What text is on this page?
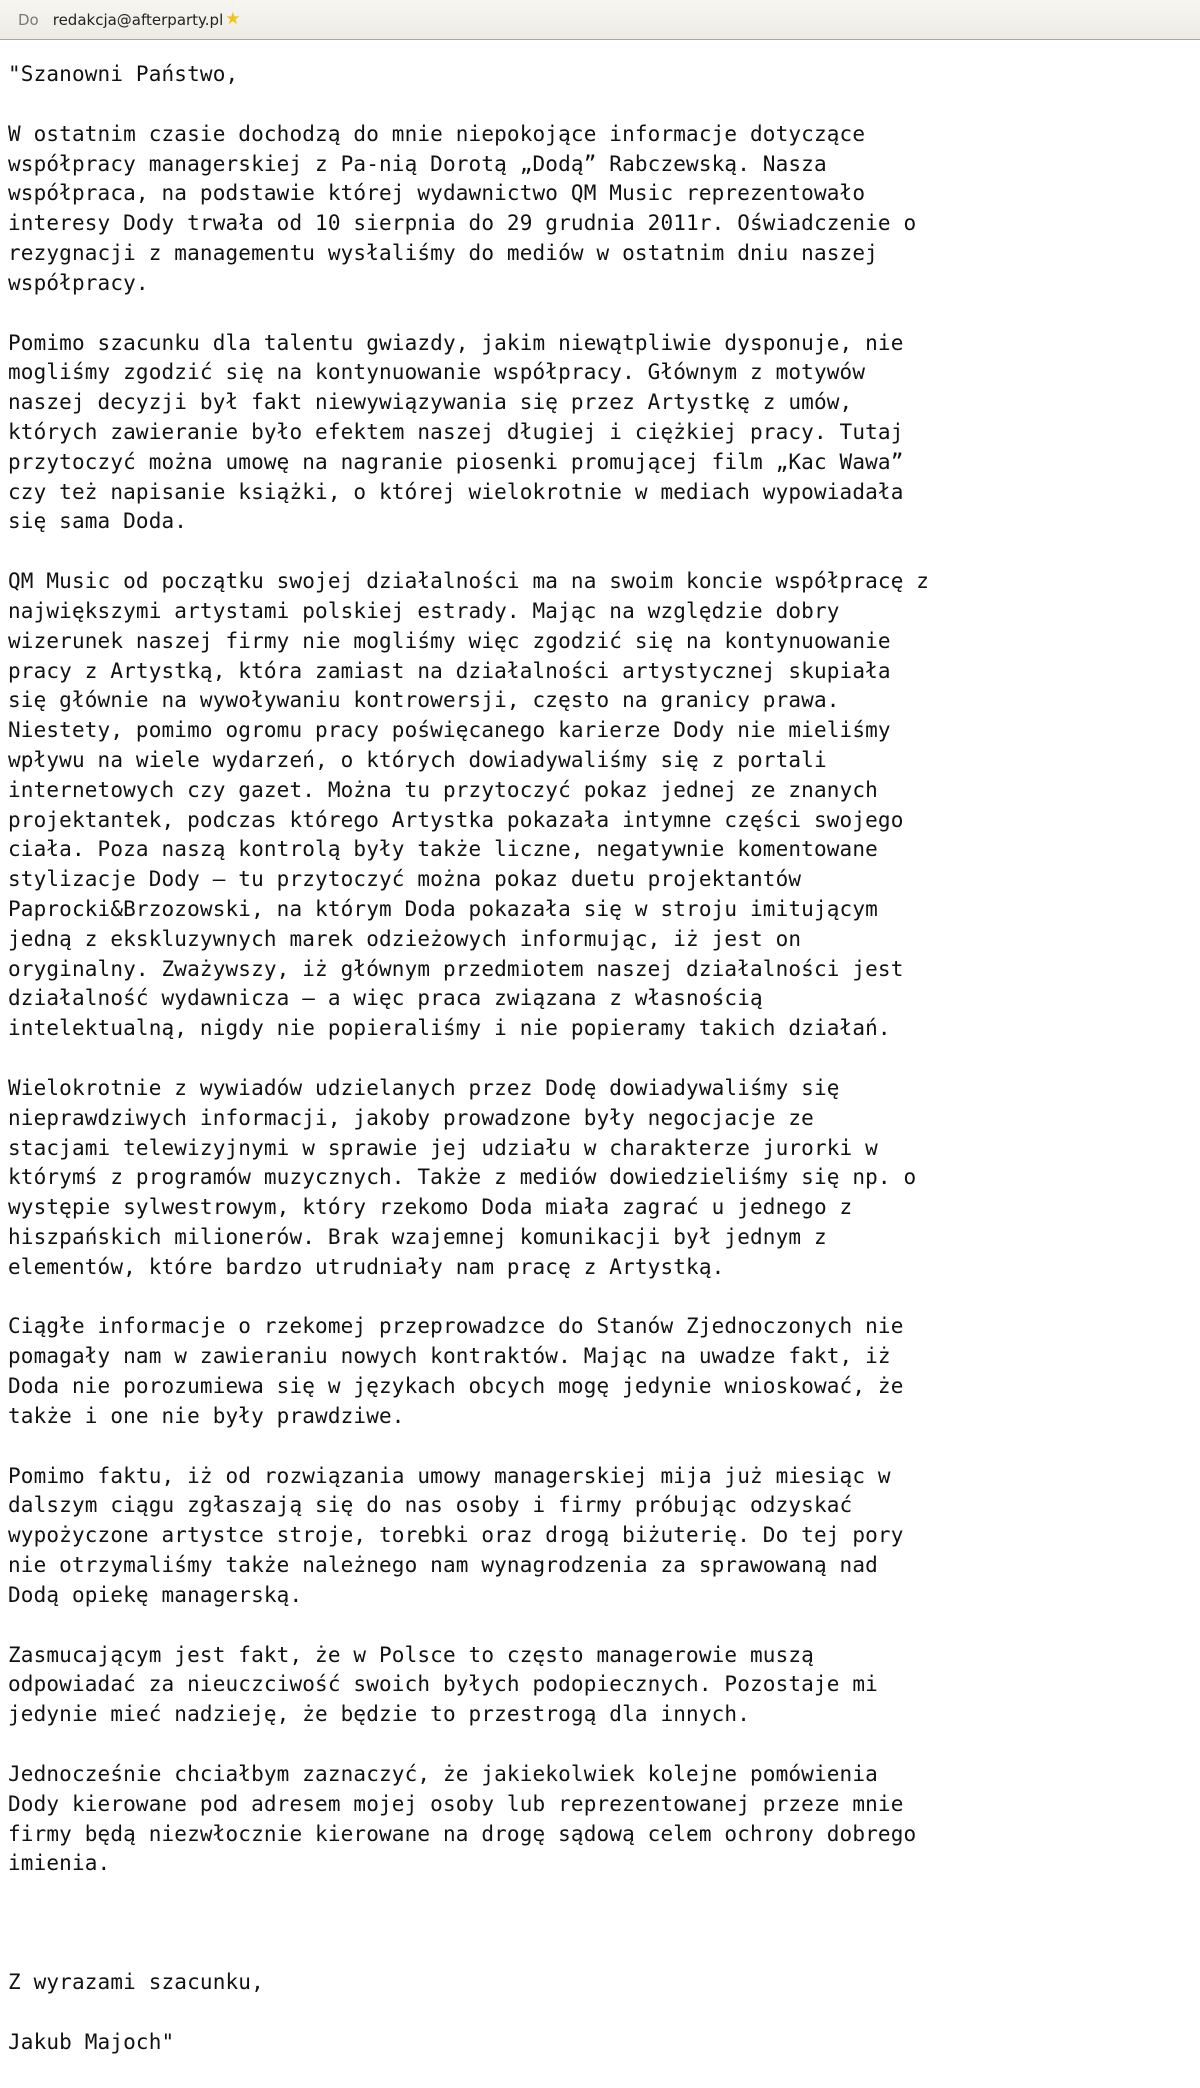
Do redakcja@afterparty.pl ★
"Szanowni Państwo,
W ostatnim czasie dochodzą do mnie niepokojące informacje dotyczące
współpracy managerskiej z Pa-nią Dorotą „Dodą” Rabczewską. Nasza
współpraca, na podstawie której wydawnictwo QM Music reprezentowało
interesy Dody trwała od 10 sierpnia do 29 grudnia 2011r. Oświadczenie o
rezygnacji z managementu wysłaliśmy do mediów w ostatnim dniu naszej
współpracy.
Pomimo szacunku dla talentu gwiazdy, jakim niewątpliwie dysponuje, nie
mogliśmy zgodzić się na kontynuowanie współpracy. Głównym z motywów
naszej decyzji był fakt niewywiązywania się przez Artystkę z umów,
których zawieranie było efektem naszej długiej i ciężkiej pracy. Tutaj
przytoczyć można umowę na nagranie piosenki promującej film „Kac Wawa”
czy też napisanie książki, o której wielokrotnie w mediach wypowiadała
się sama Doda.
QM Music od początku swojej działalności ma na swoim koncie współpracę z
największymi artystami polskiej estrady. Mając na względzie dobry
wizerunek naszej firmy nie mogliśmy więc zgodzić się na kontynuowanie
pracy z Artystką, która zamiast na działalności artystycznej skupiała
się głównie na wywoływaniu kontrowersji, często na granicy prawa.
Niestety, pomimo ogromu pracy poświęcanego karierze Dody nie mieliśmy
wpływu na wiele wydarzeń, o których dowiadywaliśmy się z portali
internetowych czy gazet. Można tu przytoczyć pokaz jednej ze znanych
projektantek, podczas którego Artystka pokazała intymne części swojego
ciała. Poza naszą kontrolą były także liczne, negatywnie komentowane
stylizacje Dody – tu przytoczyć można pokaz duetu projektantów
Paprocki&Brzozowski, na którym Doda pokazała się w stroju imitującym
jedną z ekskluzywnych marek odzieżowych informując, iż jest on
oryginalny. Zważywszy, iż głównym przedmiotem naszej działalności jest
działalność wydawnicza – a więc praca związana z własnością
intelektualną, nigdy nie popieraliśmy i nie popieramy takich działań.
Wielokrotnie z wywiadów udzielanych przez Dodę dowiadywaliśmy się
nieprawdziwych informacji, jakoby prowadzone były negocjacje ze
stacjami telewizyjnymi w sprawie jej udziału w charakterze jurorki w
którymś z programów muzycznych. Także z mediów dowiedzieliśmy się np. o
występie sylwestrowym, który rzekomo Doda miała zagrać u jednego z
hiszpańskich milionerów. Brak wzajemnej komunikacji był jednym z
elementów, które bardzo utrudniały nam pracę z Artystką.
Ciągłe informacje o rzekomej przeprowadzce do Stanów Zjednoczonych nie
pomagały nam w zawieraniu nowych kontraktów. Mając na uwadze fakt, iż
Doda nie porozumiewa się w językach obcych mogę jedynie wnioskować, że
także i one nie były prawdziwe.
Pomimo faktu, iż od rozwiązania umowy managerskiej mija już miesiąc w
dalszym ciągu zgłaszają się do nas osoby i firmy próbując odzyskać
wypożyczone artystce stroje, torebki oraz drogą biżuterię. Do tej pory
nie otrzymaliśmy także należnego nam wynagrodzenia za sprawowaną nad
Dodą opiekę managerską.
Zasmucającym jest fakt, że w Polsce to często managerowie muszą
odpowiadać za nieuczciwość swoich byłych podopiecznych. Pozostaje mi
jedynie mieć nadzieję, że będzie to przestrogą dla innych.
Jednocześnie chciałbym zaznaczyć, że jakiekolwiek kolejne pomówienia
Dody kierowane pod adresem mojej osoby lub reprezentowanej przeze mnie
firmy będą niezwłocznie kierowane na drogę sądową celem ochrony dobrego
imienia.
Z wyrazami szacunku,
Jakub Majoch"
